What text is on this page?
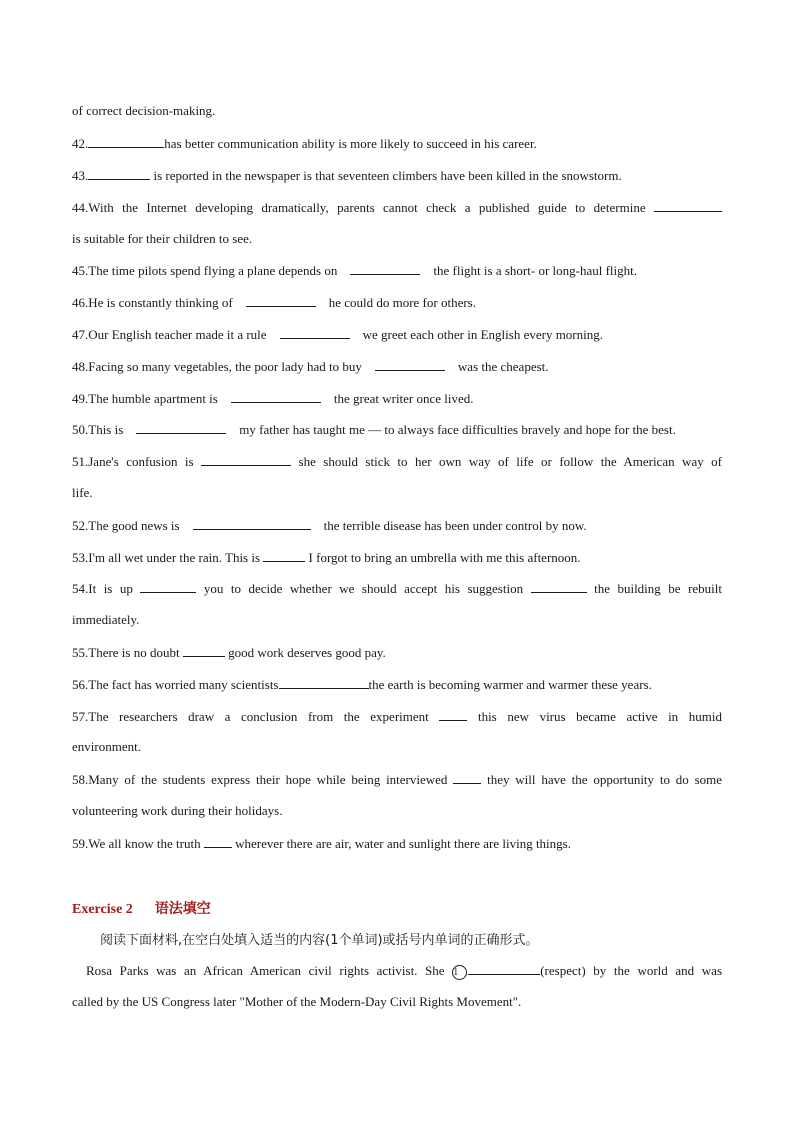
of correct decision-making.
42.	has better communication ability is more likely to succeed in his career.
43.	is reported in the newspaper is that seventeen climbers have been killed in the snowstorm.
44.With the Internet developing dramatically, parents cannot check a published guide to determine
is suitable for their children to see.
45.The time pilots spend flying a plane depends on	the flight is a short- or long-haul flight.
46.He is constantly thinking of	he could do more for others.
47.Our English teacher made it a rule	we greet each other in English every morning.
48.Facing so many vegetables, the poor lady had to buy	was the cheapest.
49.The humble apartment is	the great writer once lived.
50.This is	my father has taught me — to always face difficulties bravely and hope for the best.
51.Jane's confusion is	she should stick to her own way of life or follow the American way of
life.
52.The good news is	the terrible disease has been under control by now.
53.I'm all wet under the rain. This is	I forgot to bring an umbrella with me this afternoon.
54.It is up	you to decide whether we should accept his suggestion	the building be rebuilt
immediately.
55.There is no doubt	good work deserves good pay.
56.The fact has worried many scientists	the earth is becoming warmer and warmer these years.
57.The researchers draw a conclusion from the experiment	this new virus became active in humid
environment.
58.Many of the students express their hope while being interviewed	they will have the opportunity to do some
volunteering work during their holidays.
59.We all know the truth	wherever there are air, water and sunlight there are living things.
Exercise 2 语法填空
阅读下面材料,在空白处填入适当的内容(1个单词)或括号内单词的正确形式。
Rosa Parks was an African American civil rights activist. She 1	(respect) by the world and was
called by the US Congress later "Mother of the Modern-Day Civil Rights Movement".
